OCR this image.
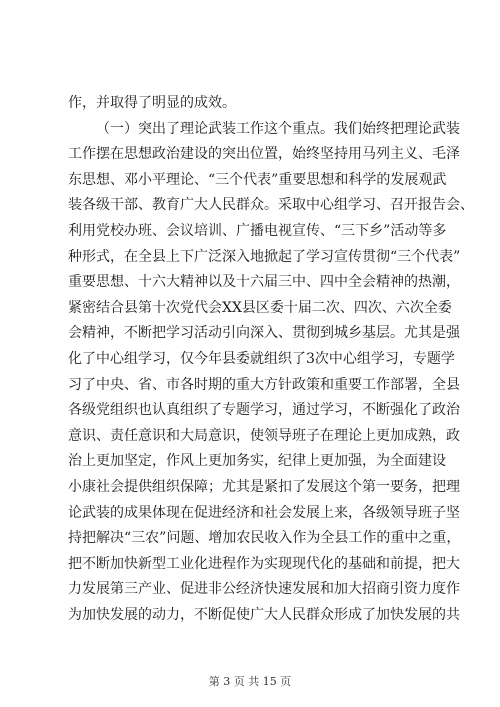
作，并取得了明显的成效。
（一）突出了理论武装工作这个重点。我们始终把理论武装
工作摆在思想政治建设的突出位置，始终坚持用马列主义、毛泽
东思想、邓小平理论、“三个代表”重要思想和科学的发展观武
装各级干部、教育广大人民群众。采取中心组学习、召开报告会、
利用党校办班、会议培训、广播电视宣传、“三下乡”活动等多
种形式，在全县上下广泛深入地掀起了学习宣传贯彻“三个代表”
重要思想、十六大精神以及十六届三中、四中全会精神的热潮，
紧密结合县第十次党代会XX县区委十届二次、四次、六次全委
会精神，不断把学习活动引向深入、贯彻到城乡基层。尤其是强
化了中心组学习，仅今年县委就组织了3次中心组学习，专题学
习了中央、省、市各时期的重大方针政策和重要工作部署，全县
各级党组织也认真组织了专题学习，通过学习，不断强化了政治
意识、责任意识和大局意识，使领导班子在理论上更加成熟，政
治上更加坚定，作风上更加务实，纪律上更加强，为全面建设
小康社会提供组织保障；尤其是紧扣了发展这个第一要务，把理
论武装的成果体现在促进经济和社会发展上来，各级领导班子坚
持把解决“三农”问题、增加农民收入作为全县工作的重中之重，
把不断加快新型工业化进程作为实现现代化的基础和前提，把大
力发展第三产业、促进非公经济快速发展和加大招商引资力度作
为加快发展的动力，不断促使广大人民群众形成了加快发展的共
第 3 页 共 15 页
